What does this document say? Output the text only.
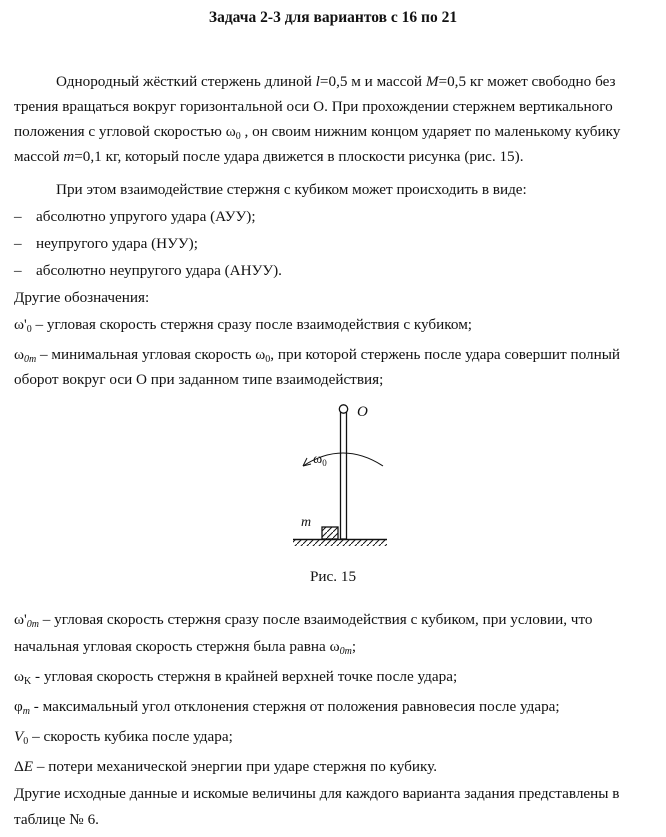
Задача 2-3 для вариантов с 16 по 21
Однородный жёсткий стержень длиной l=0,5 м и массой M=0,5 кг может свободно без
трения вращаться вокруг горизонтальной оси О. При прохождении стержнем вертикального
положения с угловой скоростью $\omega_0$ , он своим нижним концом ударяет по маленькому кубику
массой m=0,1 кг, который после удара движется в плоскости рисунка (рис. 15).
При этом взаимодействие стержня с кубиком может происходить в виде:
– абсолютно упругого удара (АУУ);
– неупругого удара (НУУ);
– абсолютно неупругого удара (АНУУ).
Другие обозначения:
$\omega'_0$ – угловая скорость стержня сразу после взаимодействия с кубиком;
$\omega_{0m}$ – минимальная угловая скорость $\omega_0$, при которой стержень после удара совершит полный
оборот вокруг оси О при заданном типе взаимодействия;
O
$\omega_0$
m
Рис. 15
$\omega'_{0m}$ – угловая скорость стержня сразу после взаимодействия с кубиком, при условии, что
начальная угловая скорость стержня была равна $\omega_{0m}$;
$\omega_K$ - угловая скорость стержня в крайней верхней точке после удара;
$\varphi_m$ - максимальный угол отклонения стержня от положения равновесия после удара;
$V_0$ – скорость кубика после удара;
ΔE – потери механической энергии при ударе стержня по кубику.
Другие исходные данные и искомые величины для каждого варианта задания представлены в
таблице № 6.
